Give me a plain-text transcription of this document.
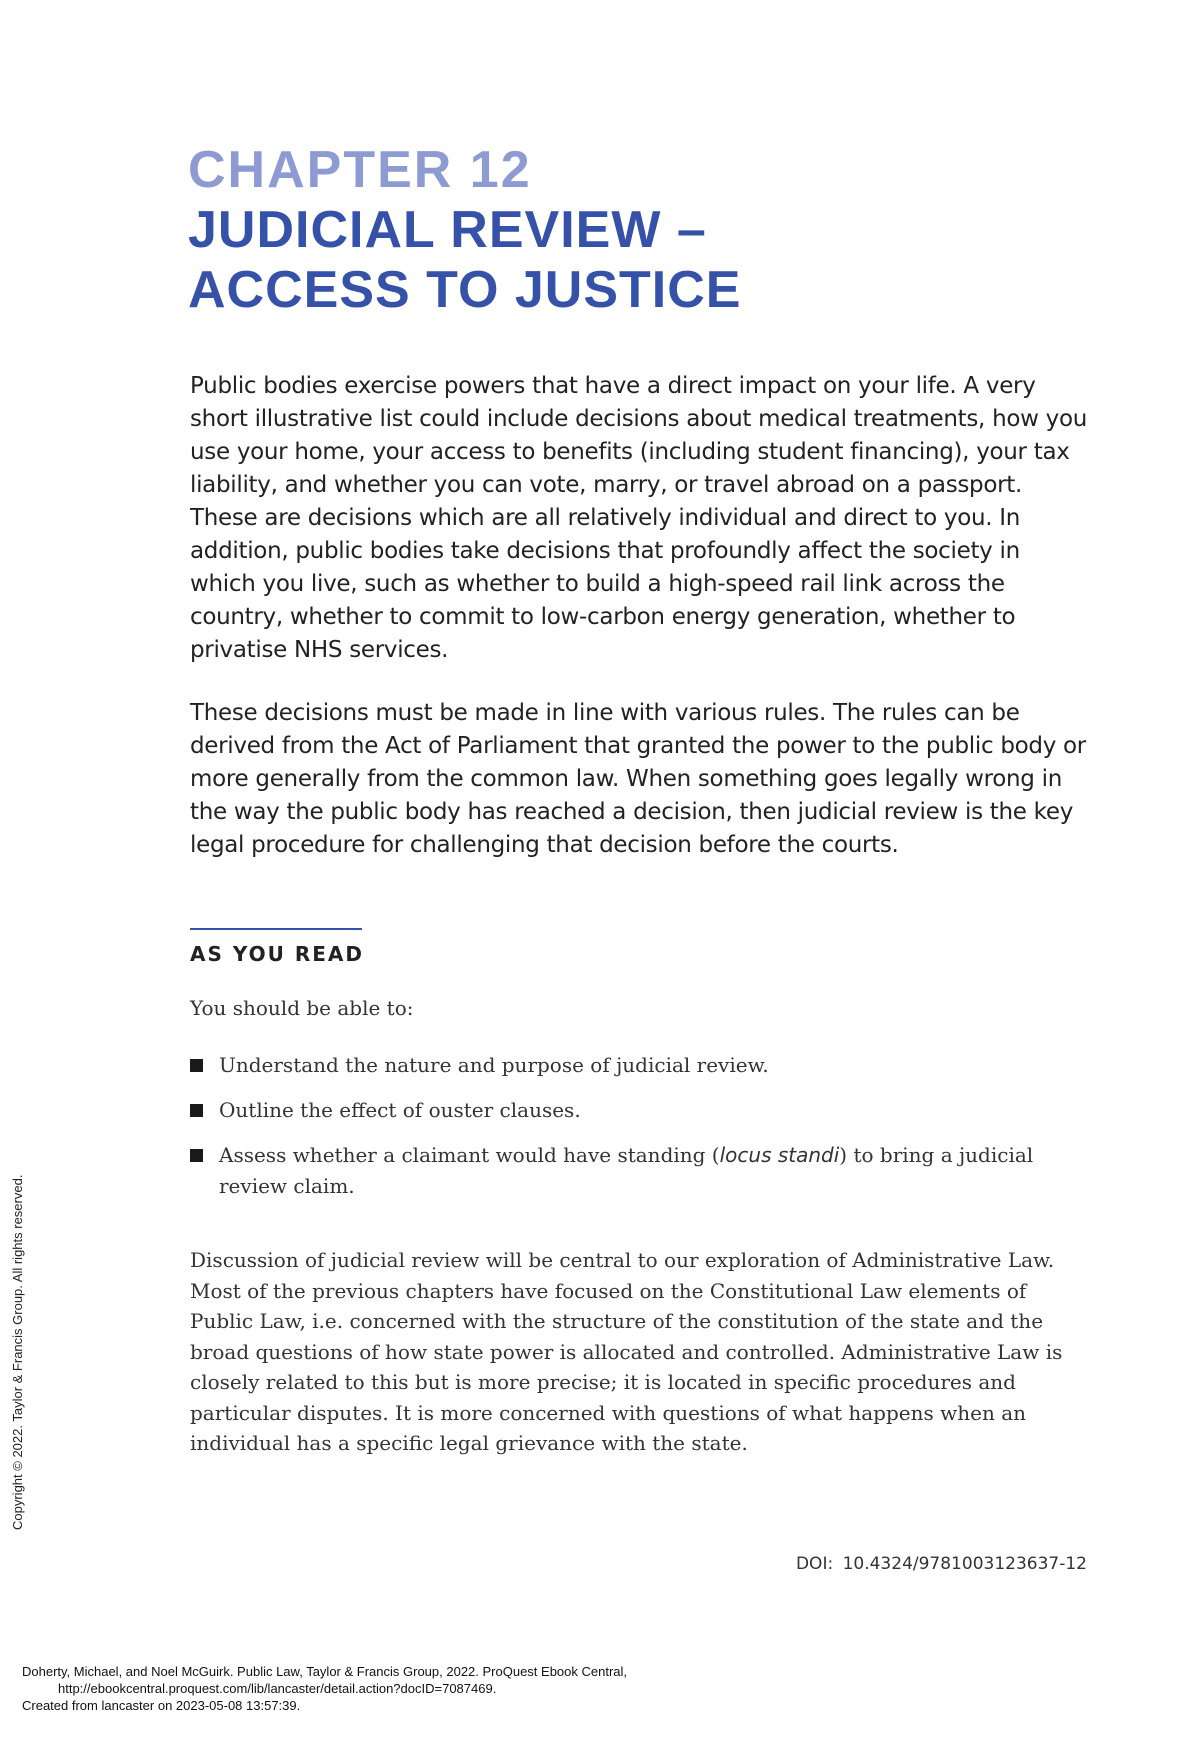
CHAPTER 12
JUDICIAL REVIEW –
ACCESS TO JUSTICE

Public bodies exercise powers that have a direct impact on your life. A very short illustrative list could include decisions about medical treatments, how you use your home, your access to benefits (including student financing), your tax liability, and whether you can vote, marry, or travel abroad on a passport. These are decisions which are all relatively individual and direct to you. In addition, public bodies take decisions that profoundly affect the society in which you live, such as whether to build a high-speed rail link across the country, whether to commit to low-carbon energy generation, whether to privatise NHS services.

These decisions must be made in line with various rules. The rules can be derived from the Act of Parliament that granted the power to the public body or more generally from the common law. When something goes legally wrong in the way the public body has reached a decision, then judicial review is the key legal procedure for challenging that decision before the courts.

AS YOU READ
You should be able to:
Understand the nature and purpose of judicial review.
Outline the effect of ouster clauses.
Assess whether a claimant would have standing (locus standi) to bring a judicial review claim.

Discussion of judicial review will be central to our exploration of Administrative Law. Most of the previous chapters have focused on the Constitutional Law elements of Public Law, i.e. concerned with the structure of the constitution of the state and the broad questions of how state power is allocated and controlled. Administrative Law is closely related to this but is more precise; it is located in specific procedures and particular disputes. It is more concerned with questions of what happens when an individual has a specific legal grievance with the state.

DOI: 10.4324/9781003123637-12
Copyright © 2022. Taylor & Francis Group. All rights reserved.
Doherty, Michael, and Noel McGuirk. Public Law, Taylor & Francis Group, 2022. ProQuest Ebook Central,
http://ebookcentral.proquest.com/lib/lancaster/detail.action?docID=7087469.
Created from lancaster on 2023-05-08 13:57:39.
